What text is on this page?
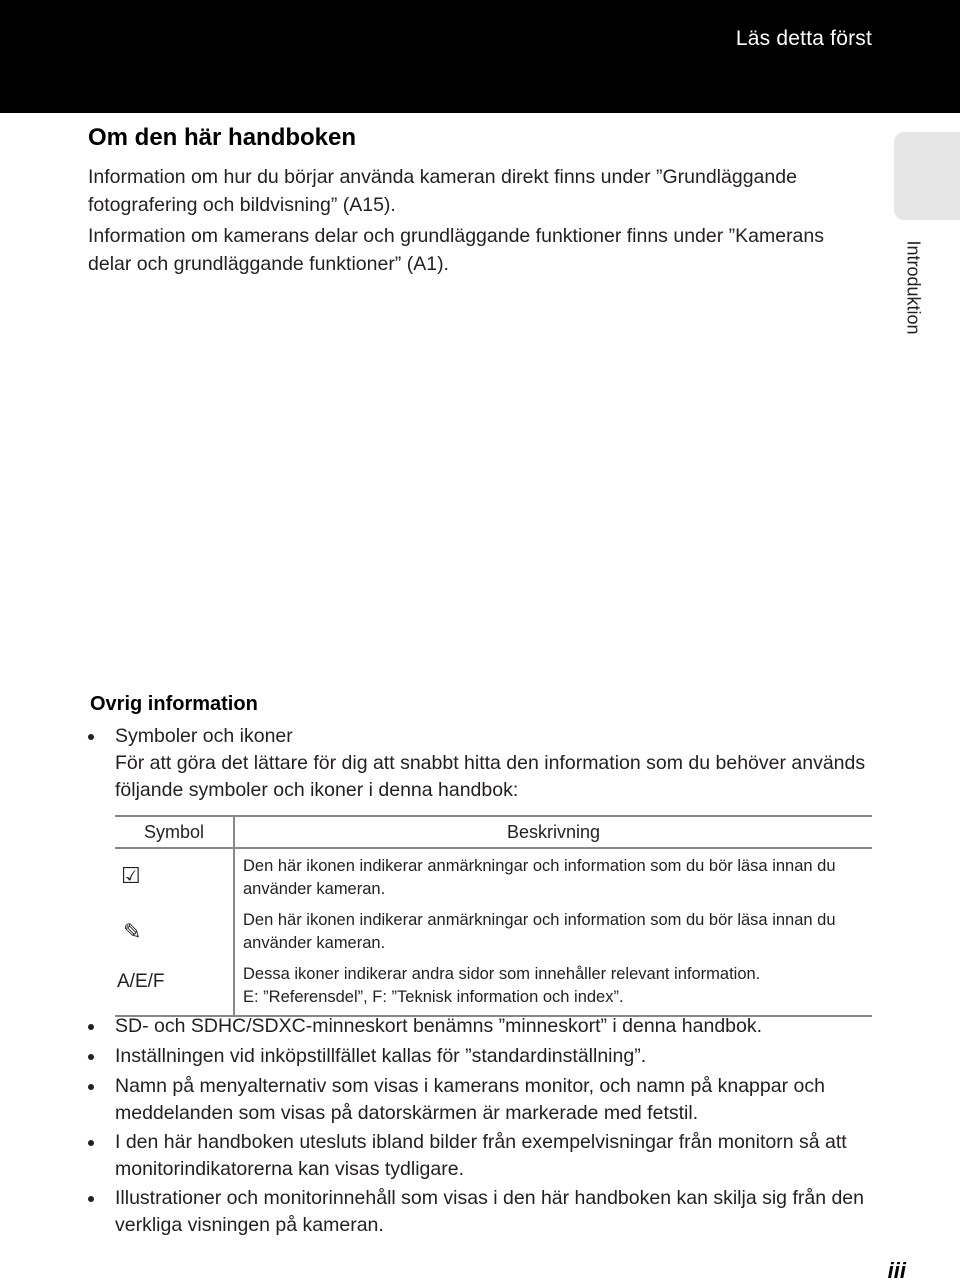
Läs detta först
Introduktion
Om den här handboken

Information om hur du börjar använda kameran direkt finns under ”Grundläggande fotografering och bildvisning” (A15).

Information om kamerans delar och grundläggande funktioner finns under ”Kamerans delar och grundläggande funktioner” (A1).

Ovrig information
Symboler och ikoner
För att göra det lättare för dig att snabbt hitta den information som du behöver används följande symboler och ikoner i denna handbok:
Symbol	Beskrivning

☑	Den här ikonen indikerar anmärkningar och information som du bör läsa innan du använder kameran.

✎	Den här ikonen indikerar anmärkningar och information som du bör läsa innan du använder kameran.

A/E/F	Dessa ikoner indikerar andra sidor som innehåller relevant information.
E: ”Referensdel”, F: ”Teknisk information och index”.
SD- och SDHC/SDXC-minneskort benämns ”minneskort” i denna handbok.
Inställningen vid inköpstillfället kallas för ”standardinställning”.
Namn på menyalternativ som visas i kamerans monitor, och namn på knappar och meddelanden som visas på datorskärmen är markerade med fetstil.
I den här handboken utesluts ibland bilder från exempelvisningar från monitorn så att monitorindikatorerna kan visas tydligare.
Illustrationer och monitorinnehåll som visas i den här handboken kan skilja sig från den verkliga visningen på kameran.
iii
